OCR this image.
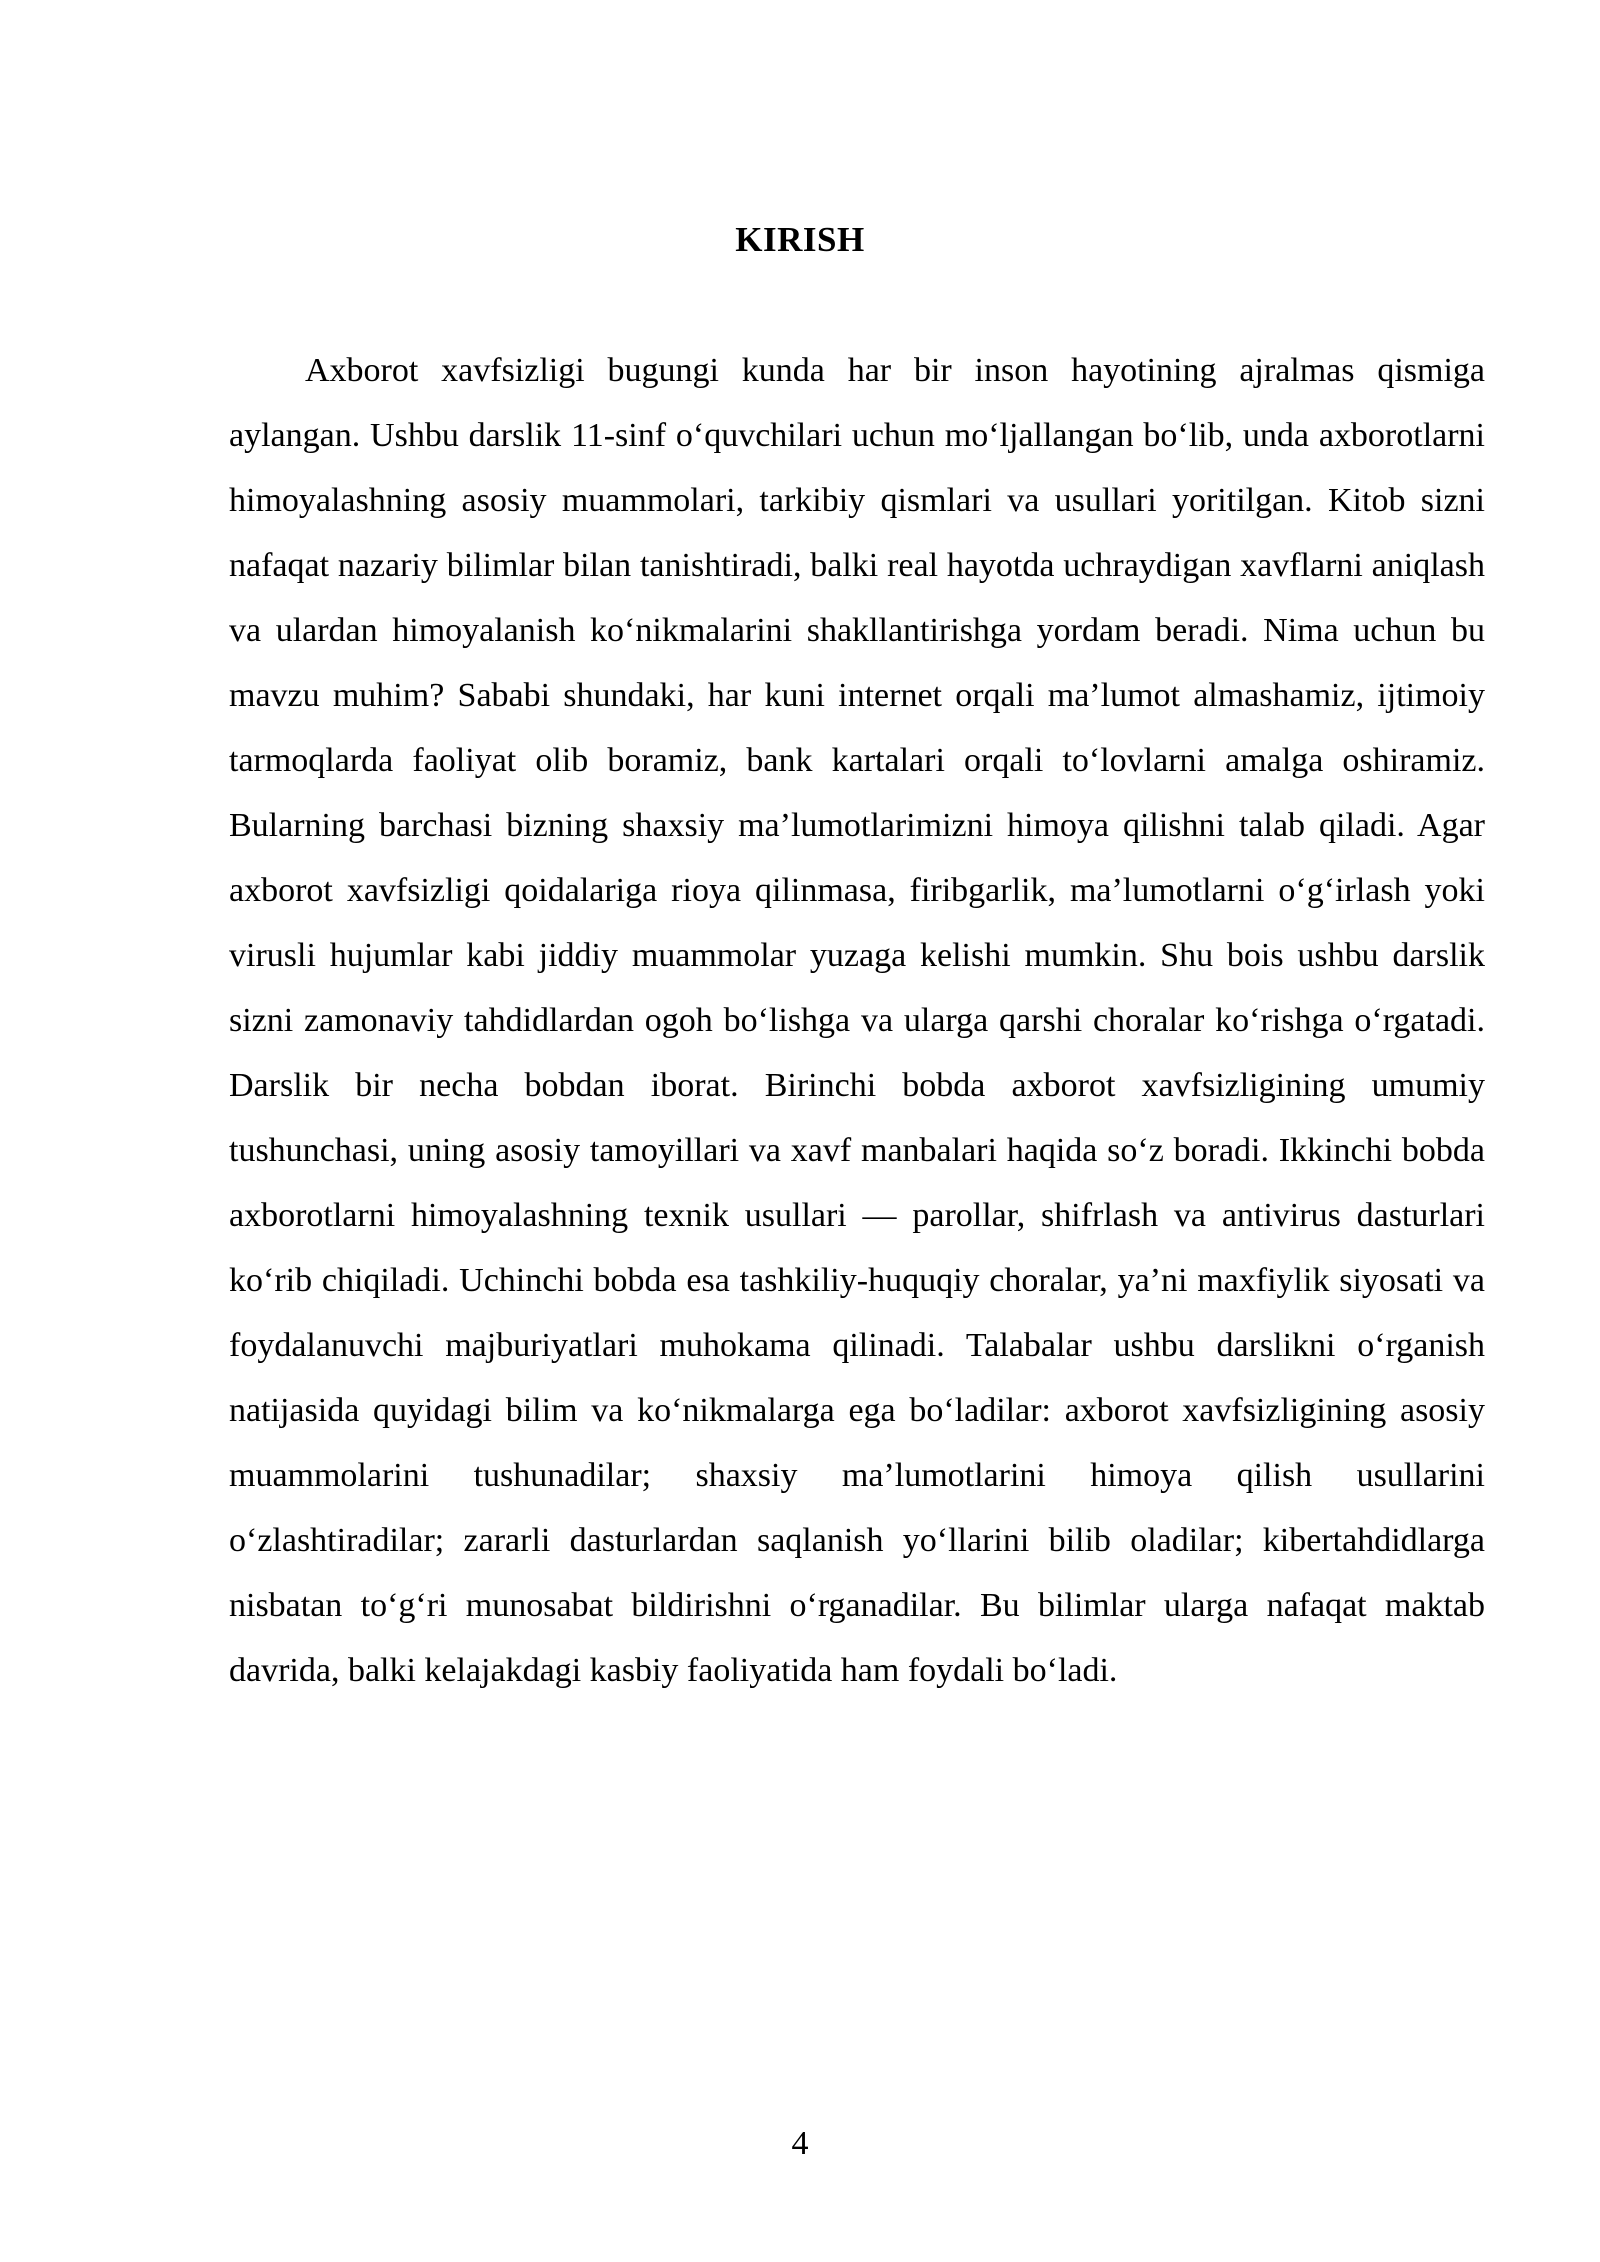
KIRISH

Axborot xavfsizligi bugungi kunda har bir inson hayotining ajralmas qismiga aylangan. Ushbu darslik 11-sinf o‘quvchilari uchun mo‘ljallangan bo‘lib, unda axborotlarni himoyalashning asosiy muammolari, tarkibiy qismlari va usullari yoritilgan. Kitob sizni nafaqat nazariy bilimlar bilan tanishtiradi, balki real hayotda uchraydigan xavflarni aniqlash va ulardan himoyalanish ko‘nikmalarini shakllantirishga yordam beradi. Nima uchun bu mavzu muhim? Sababi shundaki, har kuni internet orqali ma’lumot almashamiz, ijtimoiy tarmoqlarda faoliyat olib boramiz, bank kartalari orqali to‘lovlarni amalga oshiramiz. Bularning barchasi bizning shaxsiy ma’lumotlarimizni himoya qilishni talab qiladi. Agar axborot xavfsizligi qoidalariga rioya qilinmasa, firibgarlik, ma’lumotlarni o‘g‘irlash yoki virusli hujumlar kabi jiddiy muammolar yuzaga kelishi mumkin. Shu bois ushbu darslik sizni zamonaviy tahdidlardan ogoh bo‘lishga va ularga qarshi choralar ko‘rishga o‘rgatadi. Darslik bir necha bobdan iborat. Birinchi bobda axborot xavfsizligining umumiy tushunchasi, uning asosiy tamoyillari va xavf manbalari haqida so‘z boradi. Ikkinchi bobda axborotlarni himoyalashning texnik usullari — parollar, shifrlash va antivirus dasturlari ko‘rib chiqiladi. Uchinchi bobda esa tashkiliy-huquqiy choralar, ya’ni maxfiylik siyosati va foydalanuvchi majburiyatlari muhokama qilinadi. Talabalar ushbu darslikni o‘rganish natijasida quyidagi bilim va ko‘nikmalarga ega bo‘ladilar: axborot xavfsizligining asosiy muammolarini tushunadilar; shaxsiy ma’lumotlarini himoya qilish usullarini o‘zlashtiradilar; zararli dasturlardan saqlanish yo‘llarini bilib oladilar; kibertahdidlarga nisbatan to‘g‘ri munosabat bildirishni o‘rganadilar. Bu bilimlar ularga nafaqat maktab davrida, balki kelajakdagi kasbiy faoliyatida ham foydali bo‘ladi.

4
